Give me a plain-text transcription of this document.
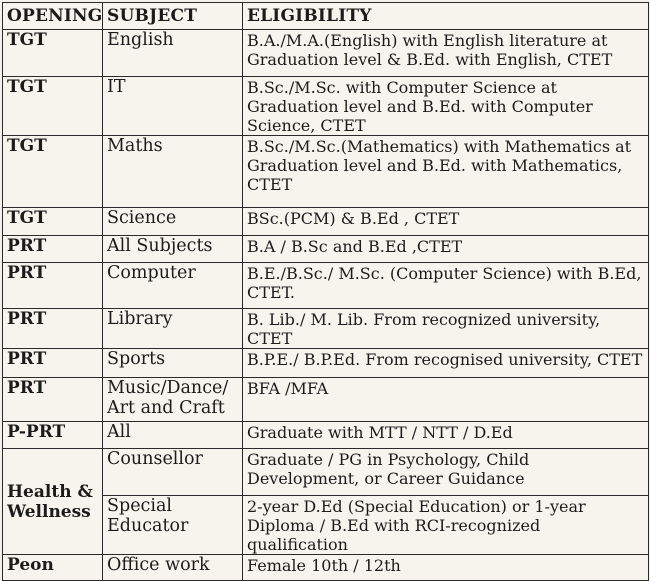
OPENING	SUBJECT	ELIGIBILITY
TGT	English	B.A./M.A.(English) with English literature at Graduation level & B.Ed. with English, CTET
TGT	IT	B.Sc./M.Sc. with Computer Science at Graduation level and B.Ed. with Computer Science, CTET
TGT	Maths	B.Sc./M.Sc.(Mathematics) with Mathematics at Graduation level and B.Ed. with Mathematics, CTET
TGT	Science	BSc.(PCM) & B.Ed , CTET
PRT	All Subjects	B.A / B.Sc and B.Ed ,CTET
PRT	Computer	B.E./B.Sc./ M.Sc. (Computer Science) with B.Ed, CTET.
PRT	Library	B. Lib./ M. Lib. From recognized university, CTET
PRT	Sports	B.P.E./ B.P.Ed. From recognised university, CTET
PRT	Music/Dance/ Art and Craft	BFA /MFA
P-PRT	All	Graduate with MTT / NTT / D.Ed
Health & Wellness	Counsellor	Graduate / PG in Psychology, Child Development, or Career Guidance
	Special Educator	2-year D.Ed (Special Education) or 1-year Diploma / B.Ed with RCI-recognized qualification
Peon	Office work	Female 10th / 12th
